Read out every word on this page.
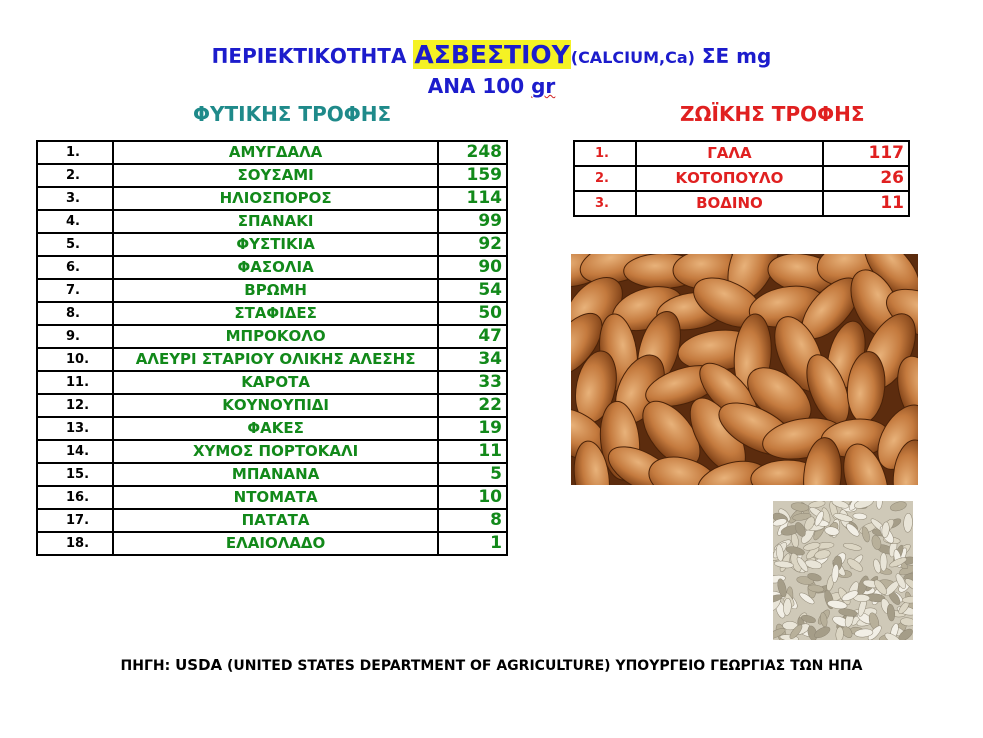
ΠΕΡΙΕΚΤΙΚΟΤΗΤΑ ΑΣΒΕΣΤΙΟΥ(CALCIUM,Ca) ΣΕ mg
ΑΝΑ 100 gr
ΦΥΤΙΚΗΣ ΤΡΟΦΗΣ	ΖΩΪΚΗΣ ΤΡΟΦΗΣ
1.	ΑΜΥΓΔΑΛΑ	248
2.	ΣΟΥΣΑΜΙ	159
3.	ΗΛΙΟΣΠΟΡΟΣ	114
4.	ΣΠΑΝΑΚΙ	99
5.	ΦΥΣΤΙΚΙΑ	92
6.	ΦΑΣΟΛΙΑ	90
7.	ΒΡΩΜΗ	54
8.	ΣΤΑΦΙΔΕΣ	50
9.	ΜΠΡΟΚΟΛΟ	47
10.	ΑΛΕΥΡΙ ΣΤΑΡΙΟΥ ΟΛΙΚΗΣ ΑΛΕΣΗΣ	34
11.	ΚΑΡΟΤΑ	33
12.	ΚΟΥΝΟΥΠΙΔΙ	22
13.	ΦΑΚΕΣ	19
14.	ΧΥΜΟΣ ΠΟΡΤΟΚΑΛΙ	11
15.	ΜΠΑΝΑΝΑ	5
16.	ΝΤΟΜΑΤΑ	10
17.	ΠΑΤΑΤΑ	8
18.	ΕΛΑΙΟΛΑΔΟ	1
1.	ΓΑΛΑ	117
2.	ΚΟΤΟΠΟΥΛΟ	26
3.	ΒΟΔΙΝΟ	11
ΠΗΓΗ: USDA (UNITED STATES DEPARTMENT OF AGRICULTURE) ΥΠΟΥΡΓΕΙΟ ΓΕΩΡΓΙΑΣ ΤΩΝ ΗΠΑ
